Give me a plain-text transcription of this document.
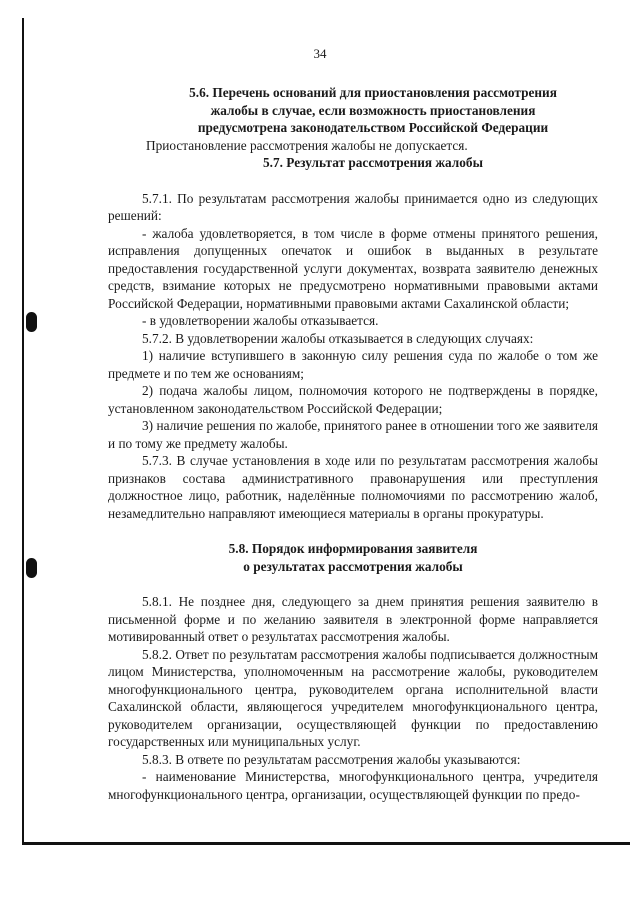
34
5.6. Перечень оснований для приостановления рассмотрения
жалобы в случае, если возможность приостановления
предусмотрена законодательством Российской Федерации

Приостановление рассмотрения жалобы не допускается.

5.7. Результат рассмотрения жалобы

5.7.1. По результатам рассмотрения жалобы принимается одно из следующих решений:

- жалоба удовлетворяется, в том числе в форме отмены принятого решения, исправления допущенных опечаток и ошибок в выданных в результате предоставления государственной услуги документах, возврата заявителю денежных средств, взимание которых не предусмотрено нормативными правовыми актами Российской Федерации, нормативными правовыми актами Сахалинской области;

- в удовлетворении жалобы отказывается.

5.7.2. В удовлетворении жалобы отказывается в следующих случаях:

1) наличие вступившего в законную силу решения суда по жалобе о том же предмете и по тем же основаниям;

2) подача жалобы лицом, полномочия которого не подтверждены в порядке, установленном законодательством Российской Федерации;

3) наличие решения по жалобе, принятого ранее в отношении того же заявителя и по тому же предмету жалобы.

5.7.3. В случае установления в ходе или по результатам рассмотрения жалобы признаков состава административного правонарушения или преступления должностное лицо, работник, наделённые полномочиями по рассмотрению жалоб, незамедлительно направляют имеющиеся материалы в органы прокуратуры.

5.8. Порядок информирования заявителя
о результатах рассмотрения жалобы

5.8.1. Не позднее дня, следующего за днем принятия решения заявителю в письменной форме и по желанию заявителя в электронной форме направляется мотивированный ответ о результатах рассмотрения жалобы.

5.8.2. Ответ по результатам рассмотрения жалобы подписывается должностным лицом Министерства, уполномоченным на рассмотрение жалобы, руководителем многофункционального центра, руководителем органа исполнительной власти Сахалинской области, являющегося учредителем многофункционального центра, руководителем организации, осуществляющей функции по предоставлению государственных или муниципальных услуг.

5.8.3. В ответе по результатам рассмотрения жалобы указываются:

- наименование Министерства, многофункционального центра, учредителя многофункционального центра, организации, осуществляющей функции по предо-
